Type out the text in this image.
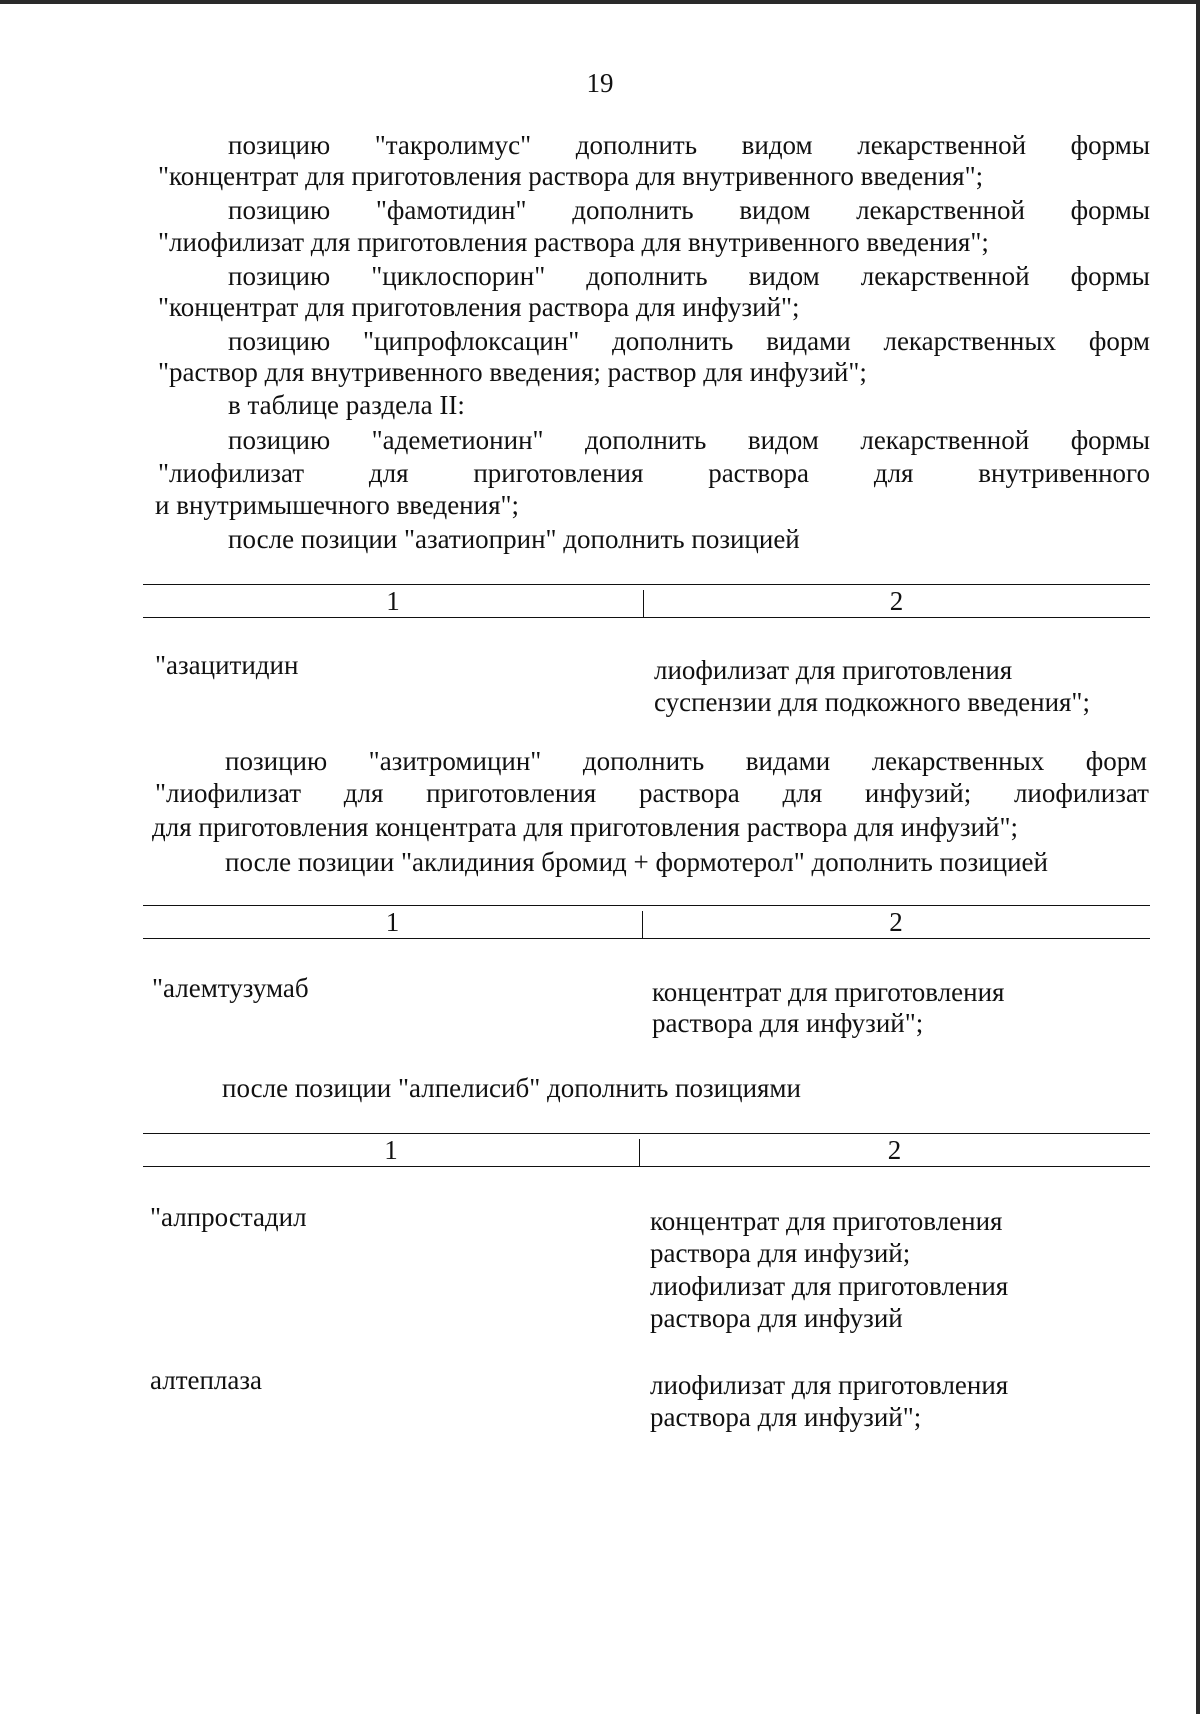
19
позицию "такролимус" дополнить видом лекарственной формы
"концентрат для приготовления раствора для внутривенного введения";
позицию "фамотидин" дополнить видом лекарственной формы
"лиофилизат для приготовления раствора для внутривенного введения";
позицию "циклоспорин" дополнить видом лекарственной формы
"концентрат для приготовления раствора для инфузий";
позицию "ципрофлоксацин" дополнить видами лекарственных форм
"раствор для внутривенного введения; раствор для инфузий";
в таблице раздела II:
позицию "адеметионин" дополнить видом лекарственной формы
"лиофилизат для приготовления раствора для внутривенного
и внутримышечного введения";
после позиции "азатиоприн" дополнить позицией
1	2
"азацитидин	лиофилизат для приготовления
суспензии для подкожного введения";
позицию "азитромицин" дополнить видами лекарственных форм
"лиофилизат для приготовления раствора для инфузий; лиофилизат
для приготовления концентрата для приготовления раствора для инфузий";
после позиции "аклидиния бромид + формотерол" дополнить позицией
1	2
"алемтузумаб	концентрат для приготовления
раствора для инфузий";
после позиции "алпелисиб" дополнить позициями
1	2
"алпростадил	концентрат для приготовления
раствора для инфузий;
лиофилизат для приготовления
раствора для инфузий
алтеплаза	лиофилизат для приготовления
раствора для инфузий";
